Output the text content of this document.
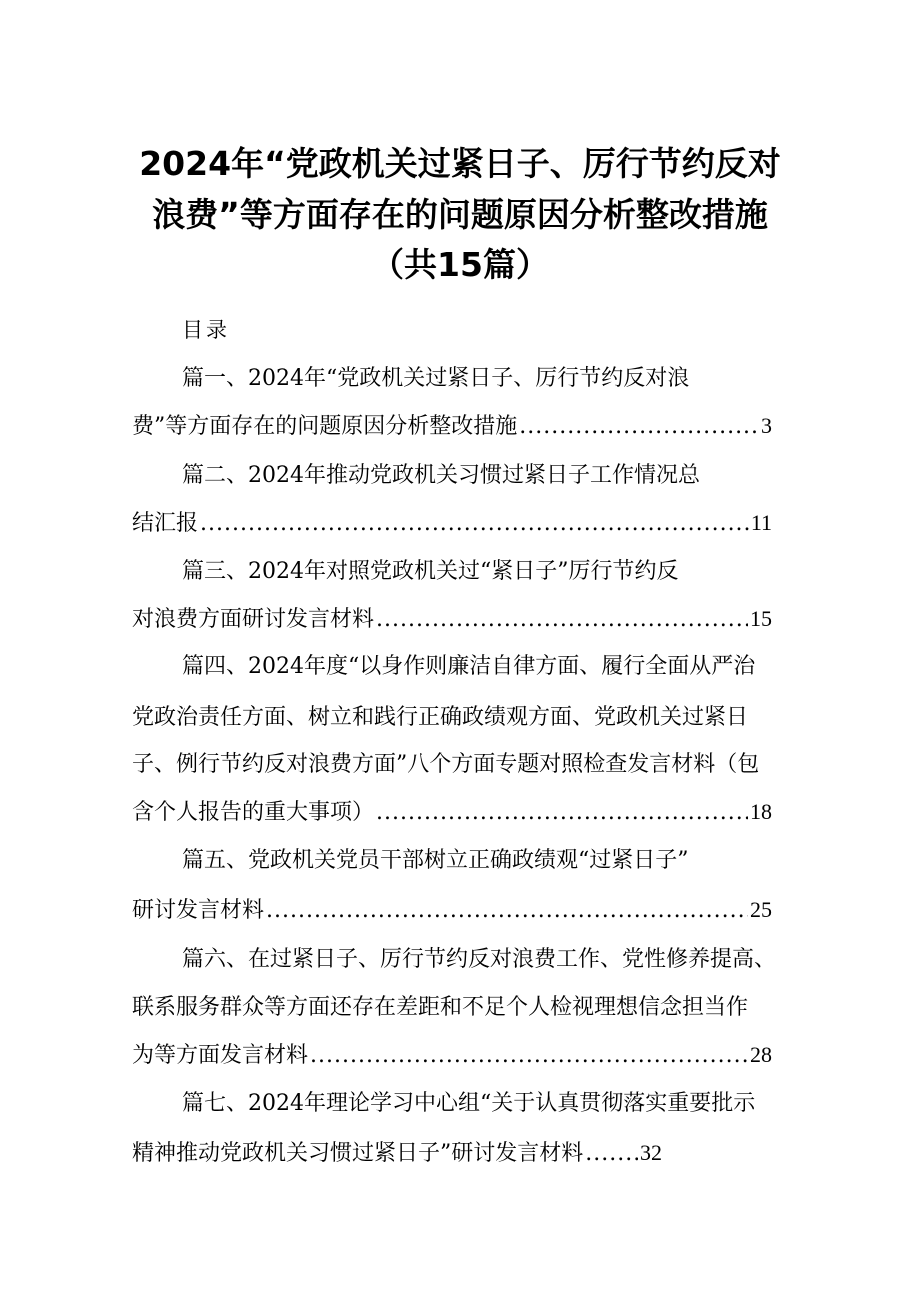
2024年“党政机关过紧日子、厉行节约反对
浪费”等方面存在的问题原因分析整改措施
（共15篇）
目录
篇一、2024年“党政机关过紧日子、厉行节约反对浪
费”等方面存在的问题原因分析整改措施 .....	3
篇二、2024年推动党政机关习惯过紧日子工作情况总
结汇报 .....	11
篇三、2024年对照党政机关过“紧日子”厉行节约反
对浪费方面研讨发言材料 .....	15
篇四、2024年度“以身作则廉洁自律方面、履行全面从严治
党政治责任方面、树立和践行正确政绩观方面、党政机关过紧日
子、例行节约反对浪费方面”八个方面专题对照检查发言材料（包
含个人报告的重大事项） .....	18
篇五、党政机关党员干部树立正确政绩观“过紧日子”
研讨发言材料 .....	25
篇六、在过紧日子、厉行节约反对浪费工作、党性修养提高、
联系服务群众等方面还存在差距和不足个人检视理想信念担当作
为等方面发言材料 .....	28
篇七、2024年理论学习中心组“关于认真贯彻落实重要批示
精神推动党政机关习惯过紧日子”研讨发言材料 .....	32
